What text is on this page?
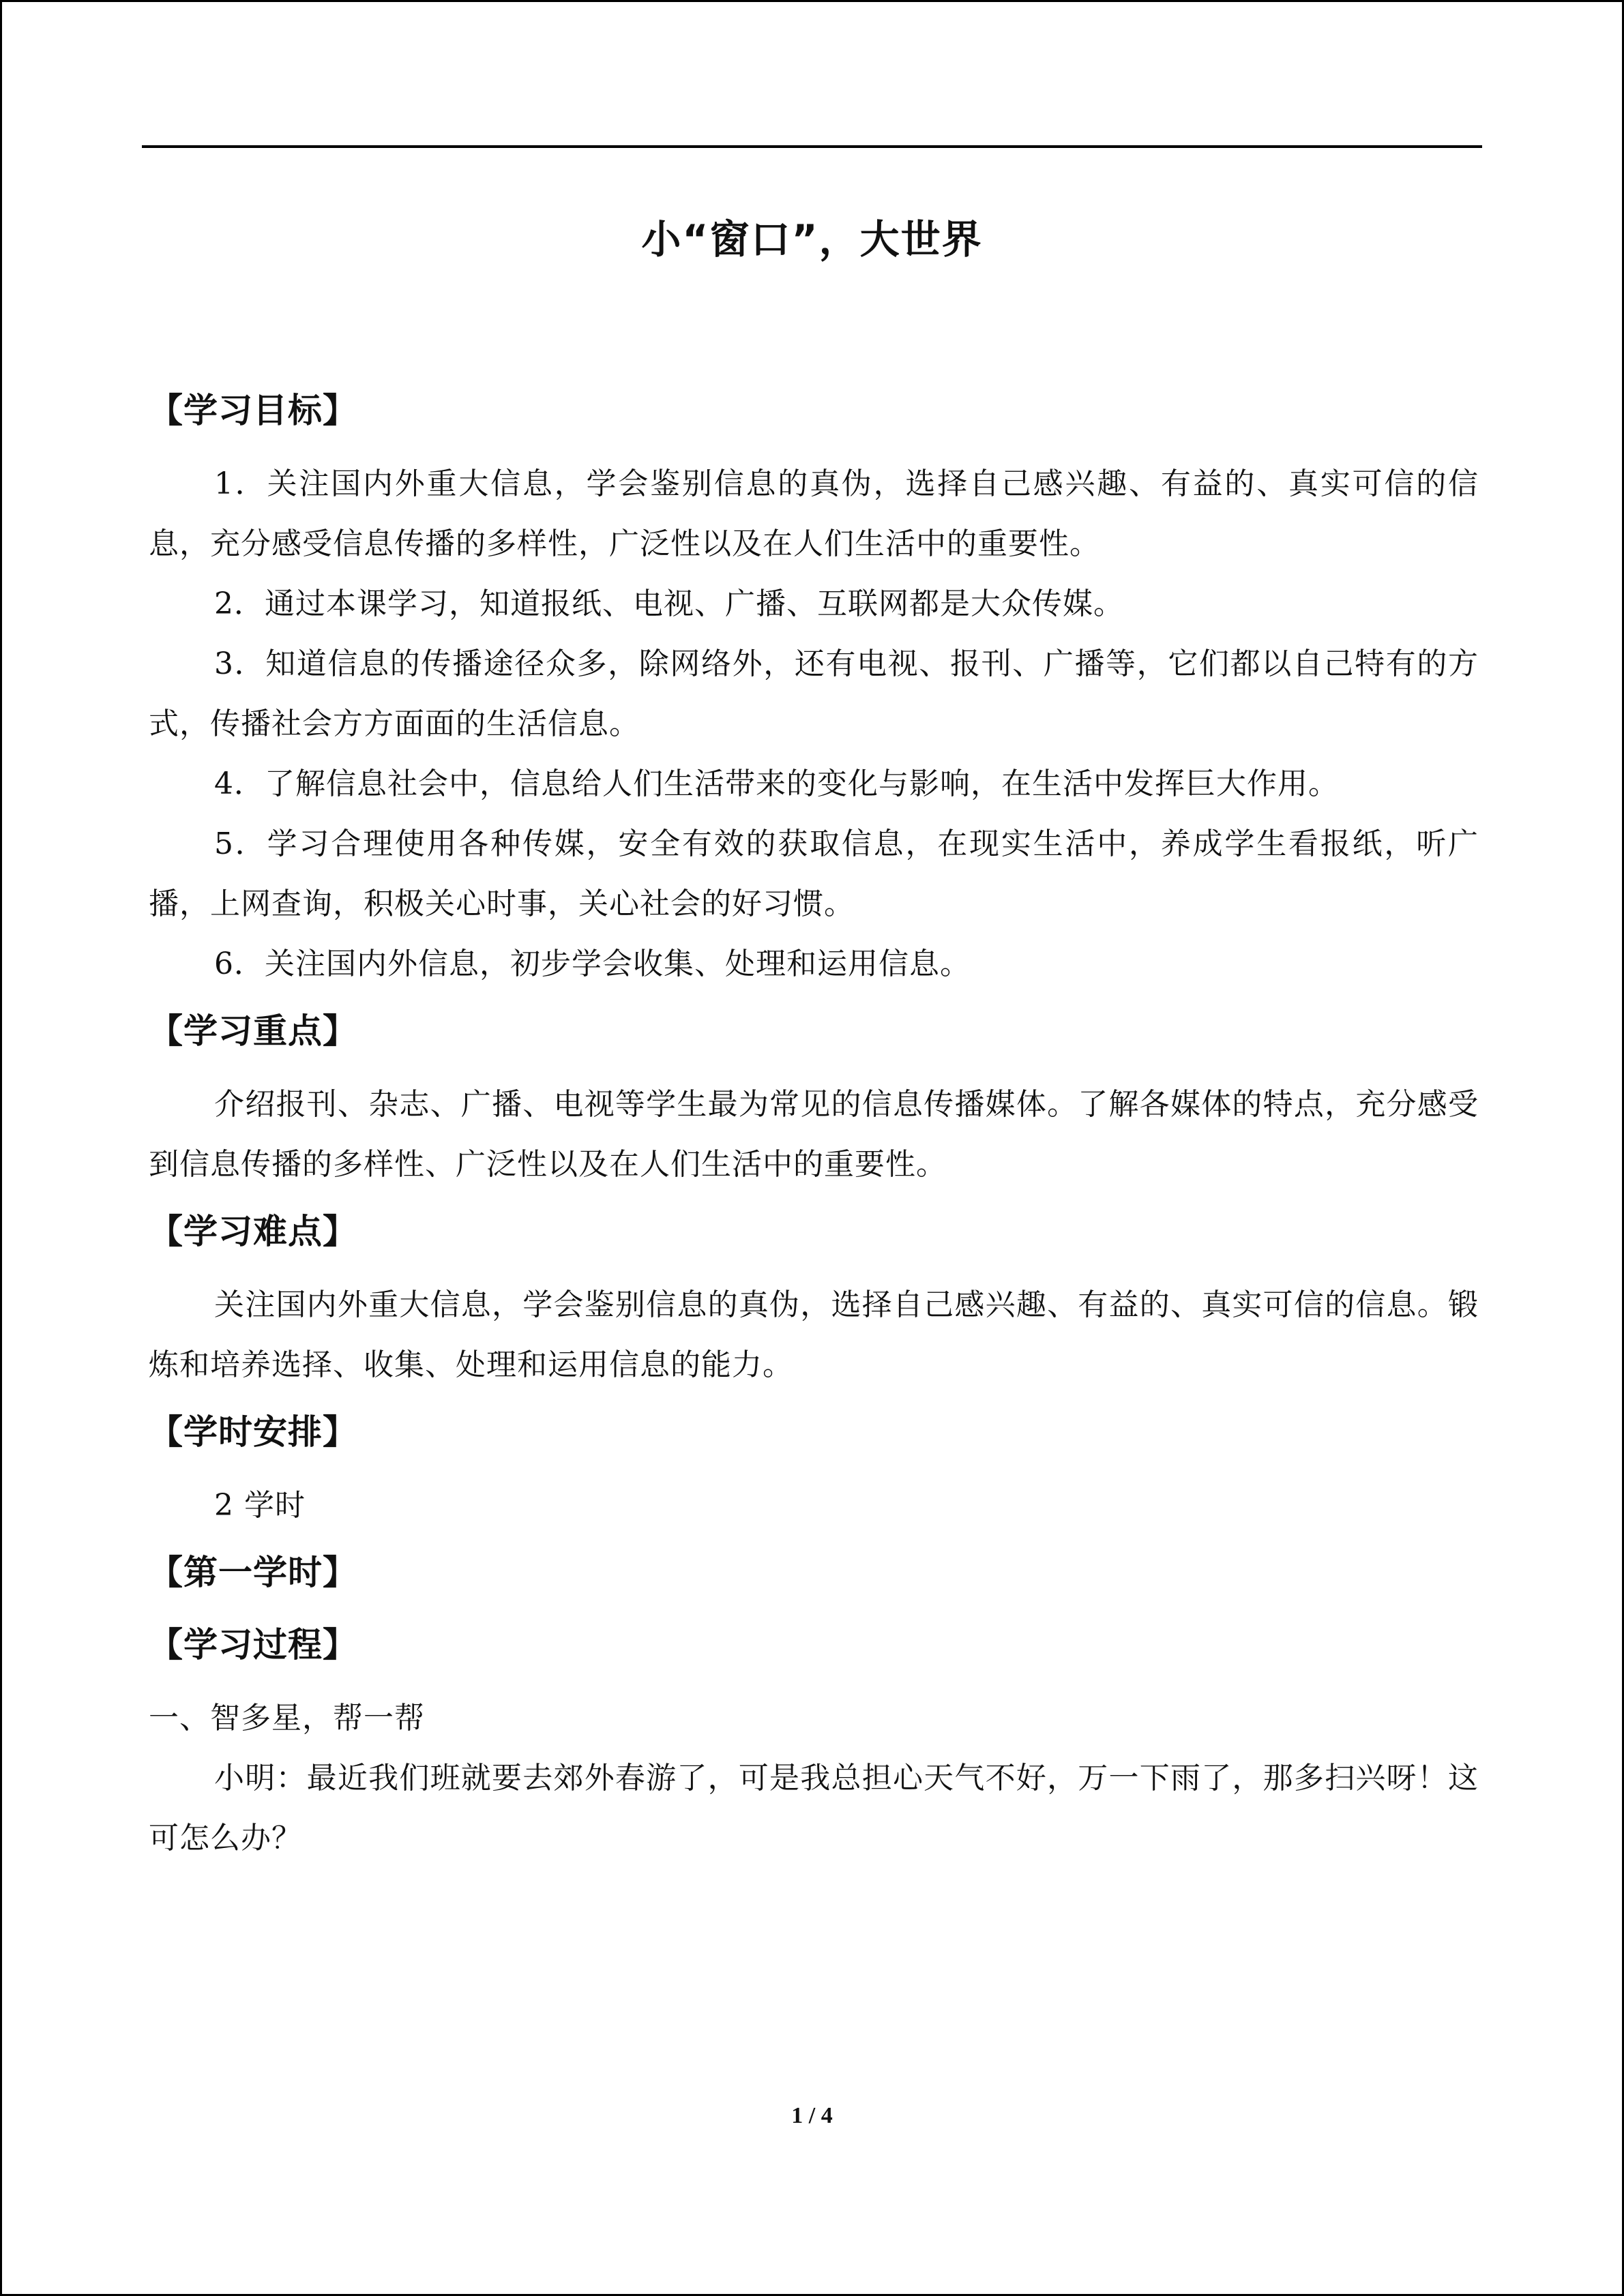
小“窗口”，大世界
【学习目标】

1．关注国内外重大信息，学会鉴别信息的真伪，选择自己感兴趣、有益的、真实可信的信息，充分感受信息传播的多样性，广泛性以及在人们生活中的重要性。

2．通过本课学习，知道报纸、电视、广播、互联网都是大众传媒。

3．知道信息的传播途径众多，除网络外，还有电视、报刊、广播等，它们都以自己特有的方式，传播社会方方面面的生活信息。

4．了解信息社会中，信息给人们生活带来的变化与影响，在生活中发挥巨大作用。

5．学习合理使用各种传媒，安全有效的获取信息，在现实生活中，养成学生看报纸，听广播，上网查询，积极关心时事，关心社会的好习惯。

6．关注国内外信息，初步学会收集、处理和运用信息。

【学习重点】

介绍报刊、杂志、广播、电视等学生最为常见的信息传播媒体。了解各媒体的特点，充分感受到信息传播的多样性、广泛性以及在人们生活中的重要性。

【学习难点】

关注国内外重大信息，学会鉴别信息的真伪，选择自己感兴趣、有益的、真实可信的信息。锻炼和培养选择、收集、处理和运用信息的能力。

【学时安排】

2 学时

【第一学时】
【学习过程】

一、智多星，帮一帮

小明：最近我们班就要去郊外春游了，可是我总担心天气不好，万一下雨了，那多扫兴呀！这可怎么办？

1 / 4
